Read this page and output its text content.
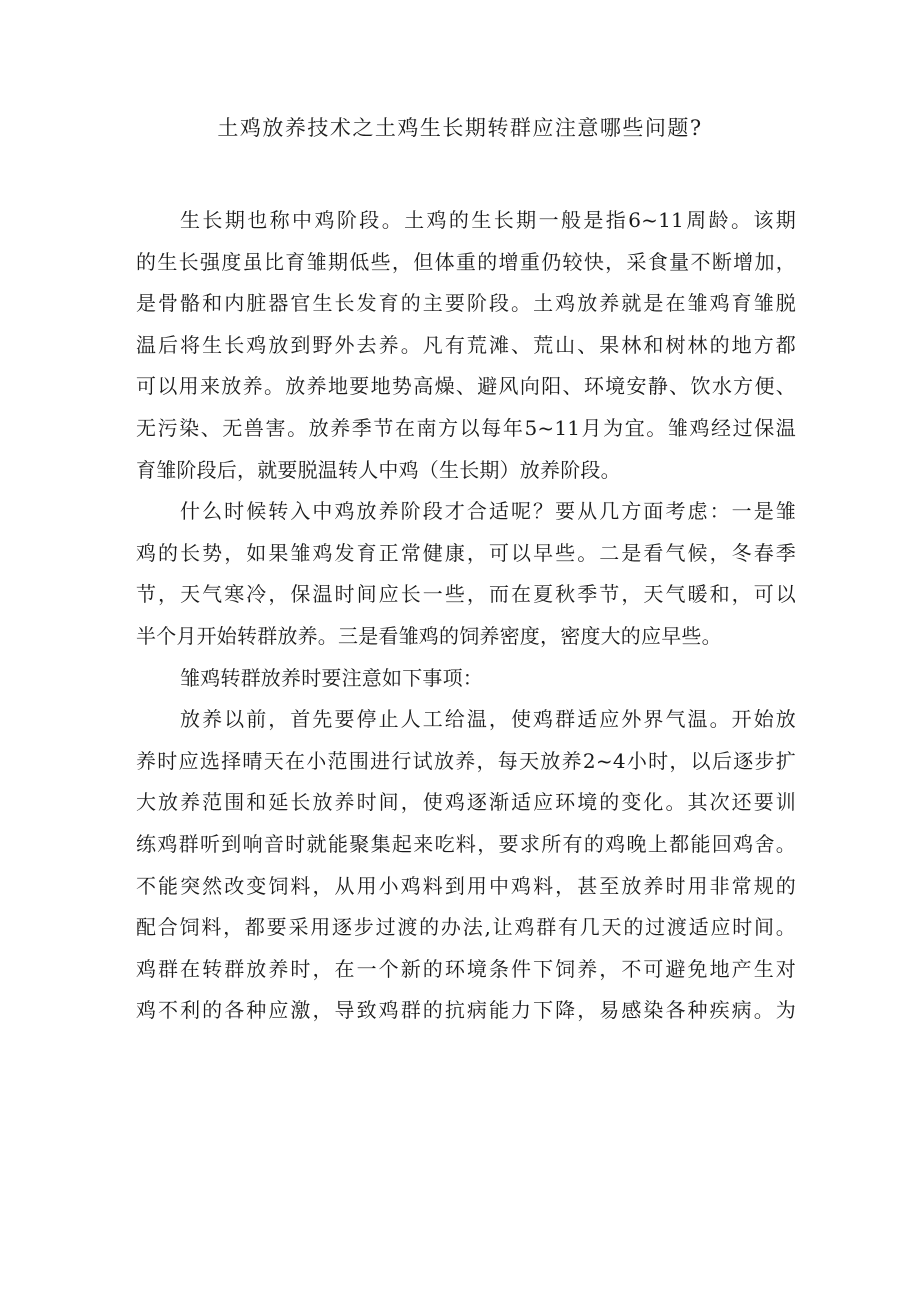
土鸡放养技术之土鸡生长期转群应注意哪些问题?
生长期也称中鸡阶段。土鸡的生长期一般是指6~11周龄。该期
的生长强度虽比育雏期低些，但体重的增重仍较快，采食量不断增加，
是骨骼和内脏器官生长发育的主要阶段。土鸡放养就是在雏鸡育雏脱
温后将生长鸡放到野外去养。凡有荒滩、荒山、果林和树林的地方都
可以用来放养。放养地要地势高燥、避风向阳、环境安静、饮水方便、
无污染、无兽害。放养季节在南方以每年5~11月为宜。雏鸡经过保温
育雏阶段后，就要脱温转人中鸡（生长期）放养阶段。
什么时候转入中鸡放养阶段才合适呢？要从几方面考虑：一是雏
鸡的长势，如果雏鸡发育正常健康，可以早些。二是看气候，冬春季
节，天气寒冷，保温时间应长一些，而在夏秋季节，天气暖和，可以
半个月开始转群放养。三是看雏鸡的饲养密度，密度大的应早些。
雏鸡转群放养时要注意如下事项：
放养以前，首先要停止人工给温，使鸡群适应外界气温。开始放
养时应选择晴天在小范围进行试放养，每天放养2~4小时，以后逐步扩
大放养范围和延长放养时间，使鸡逐渐适应环境的变化。其次还要训
练鸡群听到响音时就能聚集起来吃料，要求所有的鸡晚上都能回鸡舍。
不能突然改变饲料，从用小鸡料到用中鸡料，甚至放养时用非常规的
配合饲料，都要采用逐步过渡的办法,让鸡群有几天的过渡适应时间。
鸡群在转群放养时，在一个新的环境条件下饲养，不可避免地产生对
鸡不利的各种应激，导致鸡群的抗病能力下降，易感染各种疾病。为
